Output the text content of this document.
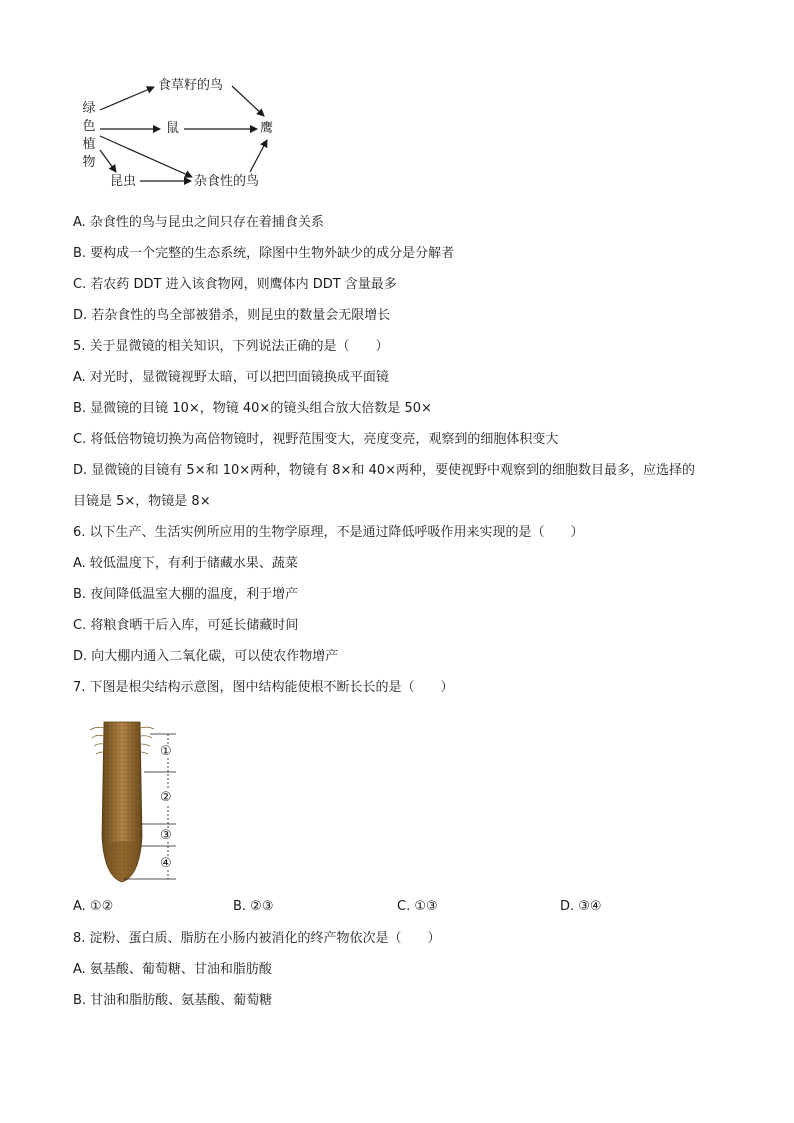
绿
色
植
物
食草籽的鸟
鼠	鹰
昆虫	杂食性的鸟
A. 杂食性的鸟与昆虫之间只存在着捕食关系
B. 要构成一个完整的生态系统，除图中生物外缺少的成分是分解者
C. 若农药 DDT 进入该食物网，则鹰体内 DDT 含量最多
D. 若杂食性的鸟全部被猎杀，则昆虫的数量会无限增长
5. 关于显微镜的相关知识，下列说法正确的是（　　）
A. 对光时，显微镜视野太暗，可以把凹面镜换成平面镜
B. 显微镜的目镜 10×，物镜 40×的镜头组合放大倍数是 50×
C. 将低倍物镜切换为高倍物镜时，视野范围变大，亮度变亮，观察到的细胞体积变大
D. 显微镜的目镜有 5×和 10×两种，物镜有 8×和 40×两种，要使视野中观察到的细胞数目最多，应选择的
目镜是 5×，物镜是 8×
6. 以下生产、生活实例所应用的生物学原理，不是通过降低呼吸作用来实现的是（　　）
A. 较低温度下，有利于储藏水果、蔬菜
B. 夜间降低温室大棚的温度，利于增产
C. 将粮食晒干后入库，可延长储藏时间
D. 向大棚内通入二氧化碳，可以使农作物增产
7. 下图是根尖结构示意图，图中结构能使根不断长长的是（　　）
①
②
③
④
A. ①②	B. ②③	C. ①③	D. ③④
8. 淀粉、蛋白质、脂肪在小肠内被消化的终产物依次是（　　）
A. 氨基酸、葡萄糖、甘油和脂肪酸
B. 甘油和脂肪酸、氨基酸、葡萄糖
